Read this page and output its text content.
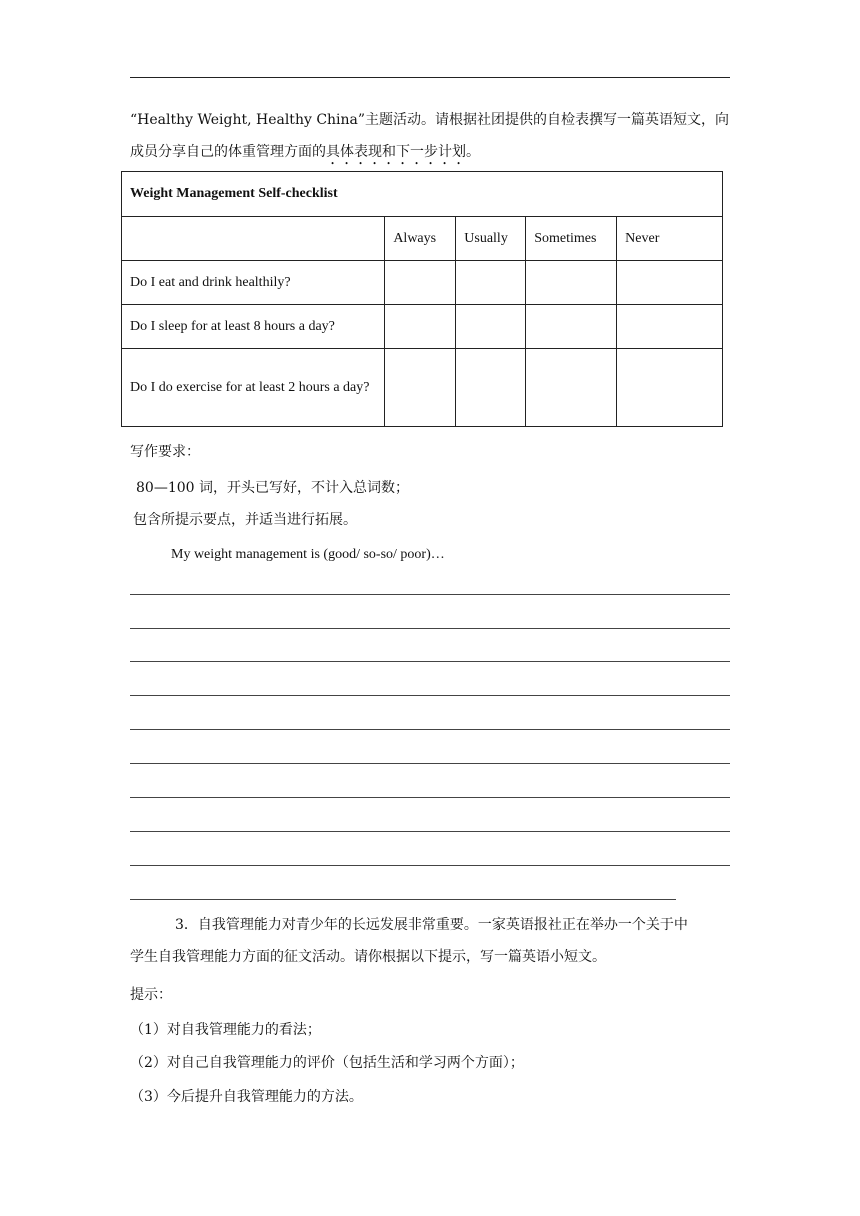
“Healthy Weight, Healthy China”主题活动。请根据社团提供的自检表撰写一篇英语短文，向
成员分享自己的体重管理方面的具体表现和下一步计划。

Weight Management Self-checklist				
	Always	Usually	Sometimes	Never
Do I eat and drink healthily?				
Do I sleep for at least 8 hours a day?				
Do I do exercise for at least 2 hours a day?				

写作要求：

80—100 词，开头已写好，不计入总词数；

包含所提示要点，并适当进行拓展。

My weight management is (good/ so-so/ poor)…

3．自我管理能力对青少年的长远发展非常重要。一家英语报社正在举办一个关于中
学生自我管理能力方面的征文活动。请你根据以下提示，写一篇英语小短文。

提示：

（1）对自我管理能力的看法；

（2）对自己自我管理能力的评价（包括生活和学习两个方面）；

（3）今后提升自我管理能力的方法。
